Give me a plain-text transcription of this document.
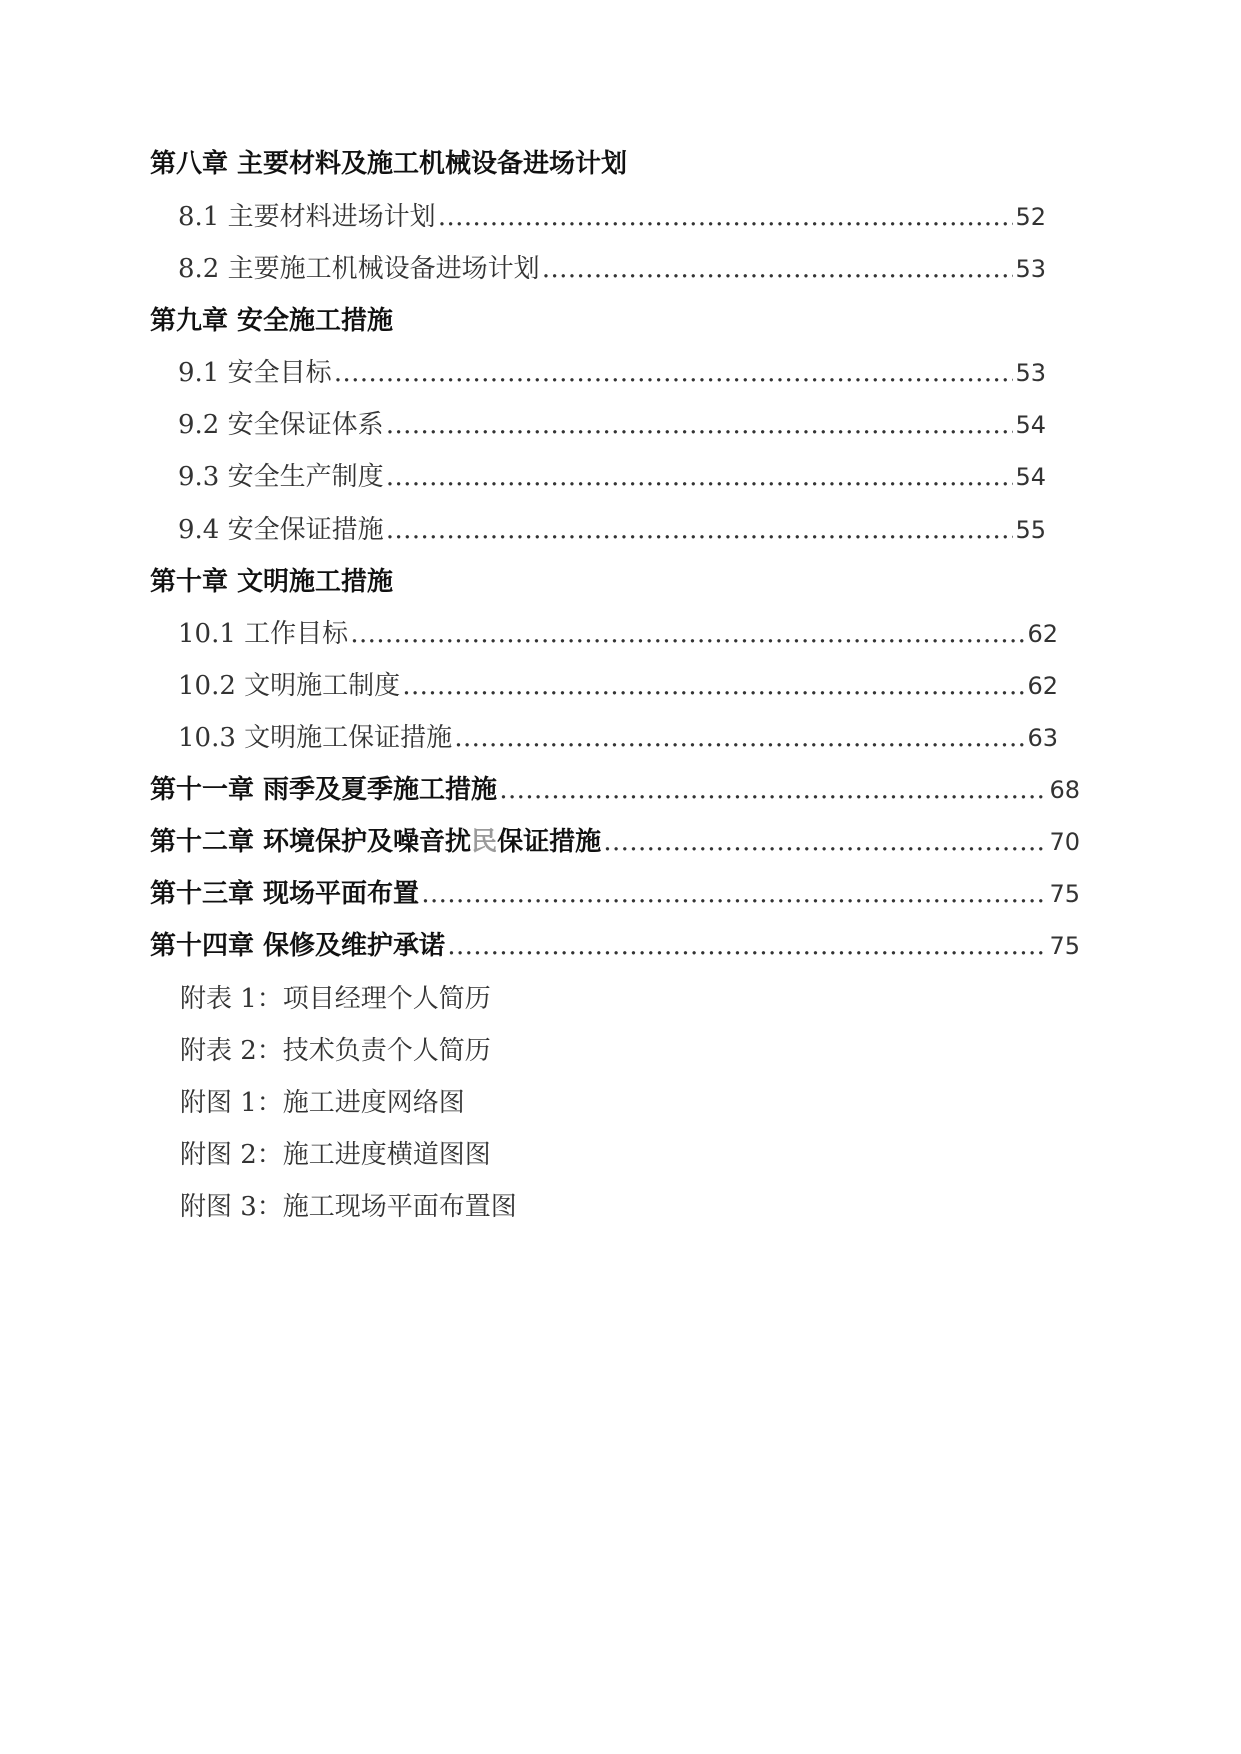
第八章 主要材料及施工机械设备进场计划
8.1 主要材料进场计划 …………………………………………………………………………………………………………………………………………	52
8.2 主要施工机械设备进场计划 …………………………………………………………………………………………………………………………………………	53
第九章 安全施工措施
9.1 安全目标 …………………………………………………………………………………………………………………………………………	53
9.2 安全保证体系 …………………………………………………………………………………………………………………………………………	54
9.3 安全生产制度 …………………………………………………………………………………………………………………………………………	54
9.4 安全保证措施 …………………………………………………………………………………………………………………………………………	55
第十章 文明施工措施
10.1 工作目标 …………………………………………………………………………………………………………………………………………	62
10.2 文明施工制度 …………………………………………………………………………………………………………………………………………	62
10.3 文明施工保证措施 …………………………………………………………………………………………………………………………………………	63
第十一章 雨季及夏季施工措施 …………………………………………………………………………………………………………………………………………	68
第十二章 环境保护及噪音扰 民 保证措施 …………………………………………………………………………………………………………………………………………	70
第十三章 现场平面布置 …………………………………………………………………………………………………………………………………………	75
第十四章 保修及维护承诺 …………………………………………………………………………………………………………………………………………	75
附表 1：项目经理个人简历
附表 2：技术负责个人简历
附图 1：施工进度网络图
附图 2：施工进度横道图图
附图 3：施工现场平面布置图
